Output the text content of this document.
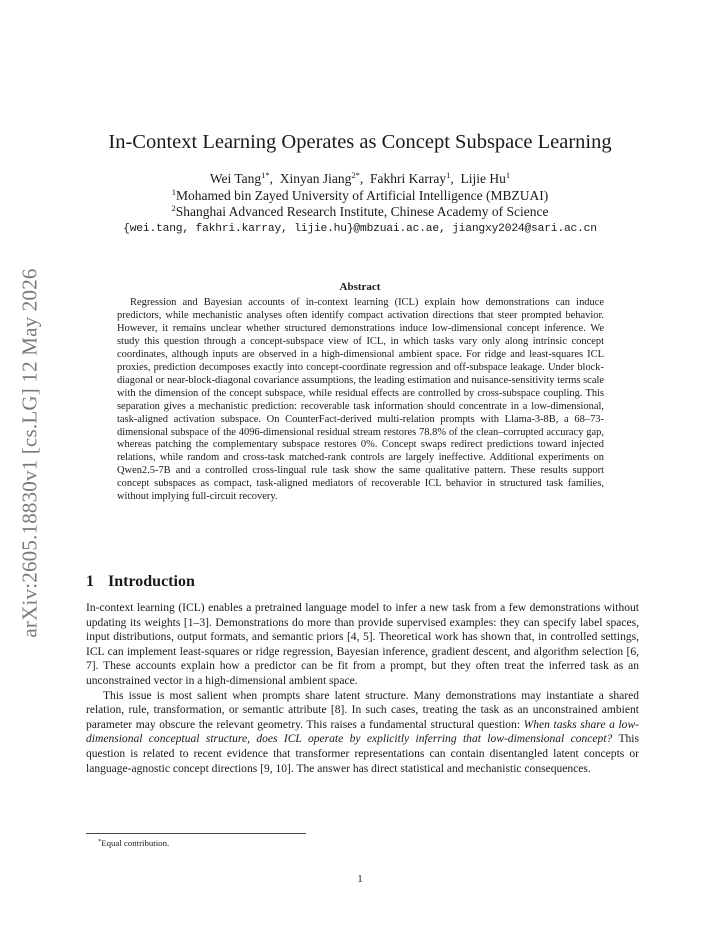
arXiv:2605.18830v1 [cs.LG] 12 May 2026
In-Context Learning Operates as Concept Subspace Learning
Wei Tang$^{1*}$,  Xinyan Jiang$^{2*}$,  Fakhri Karray$^1$,  Lijie Hu$^1$
$^1$Mohamed bin Zayed University of Artificial Intelligence (MBZUAI)
$^2$Shanghai Advanced Research Institute, Chinese Academy of Science
{wei.tang, fakhri.karray, lijie.hu}@mbzuai.ac.ae, jiangxy2024@sari.ac.cn
Abstract
Regression and Bayesian accounts of in-context learning (ICL) explain how demonstrations can induce predictors, while mechanistic analyses often identify compact activation directions that steer prompted behavior. However, it remains unclear whether structured demonstrations induce low-dimensional concept inference. We study this question through a concept-subspace view of ICL, in which tasks vary only along intrinsic concept coordinates, although inputs are observed in a high-dimensional ambient space. For ridge and least-squares ICL proxies, prediction decomposes exactly into concept-coordinate regression and off-subspace leakage. Under block-diagonal or near-block-diagonal covariance assumptions, the leading estimation and nuisance-sensitivity terms scale with the dimension of the concept subspace, while residual effects are controlled by cross-subspace coupling. This separation gives a mechanistic prediction: recoverable task information should concentrate in a low-dimensional, task-aligned activation subspace. On CounterFact-derived multi-relation prompts with Llama-3-8B, a 68–73-dimensional subspace of the 4096-dimensional residual stream restores 78.8% of the clean–corrupted accuracy gap, whereas patching the complementary subspace restores 0%. Concept swaps redirect predictions toward injected relations, while random and cross-task matched-rank controls are largely ineffective. Additional experiments on Qwen2.5-7B and a controlled cross-lingual rule task show the same qualitative pattern. These results support concept subspaces as compact, task-aligned mediators of recoverable ICL behavior in structured task families, without implying full-circuit recovery.
1 Introduction

In-context learning (ICL) enables a pretrained language model to infer a new task from a few demonstrations without updating its weights [1–3]. Demonstrations do more than provide supervised examples: they can specify label spaces, input distributions, output formats, and semantic priors [4, 5]. Theoretical work has shown that, in controlled settings, ICL can implement least-squares or ridge regression, Bayesian inference, gradient descent, and algorithm selection [6, 7]. These accounts explain how a predictor can be fit from a prompt, but they often treat the inferred task as an unconstrained vector in a high-dimensional ambient space.

This issue is most salient when prompts share latent structure. Many demonstrations may instantiate a shared relation, rule, transformation, or semantic attribute [8]. In such cases, treating the task as an unconstrained ambient parameter may obscure the relevant geometry. This raises a fundamental structural question: When tasks share a low-dimensional conceptual structure, does ICL operate by explicitly inferring that low-dimensional concept? This question is related to recent evidence that transformer representations can contain disentangled latent concepts or language-agnostic concept directions [9, 10]. The answer has direct statistical and mechanistic consequences.

*Equal contribution.
1
